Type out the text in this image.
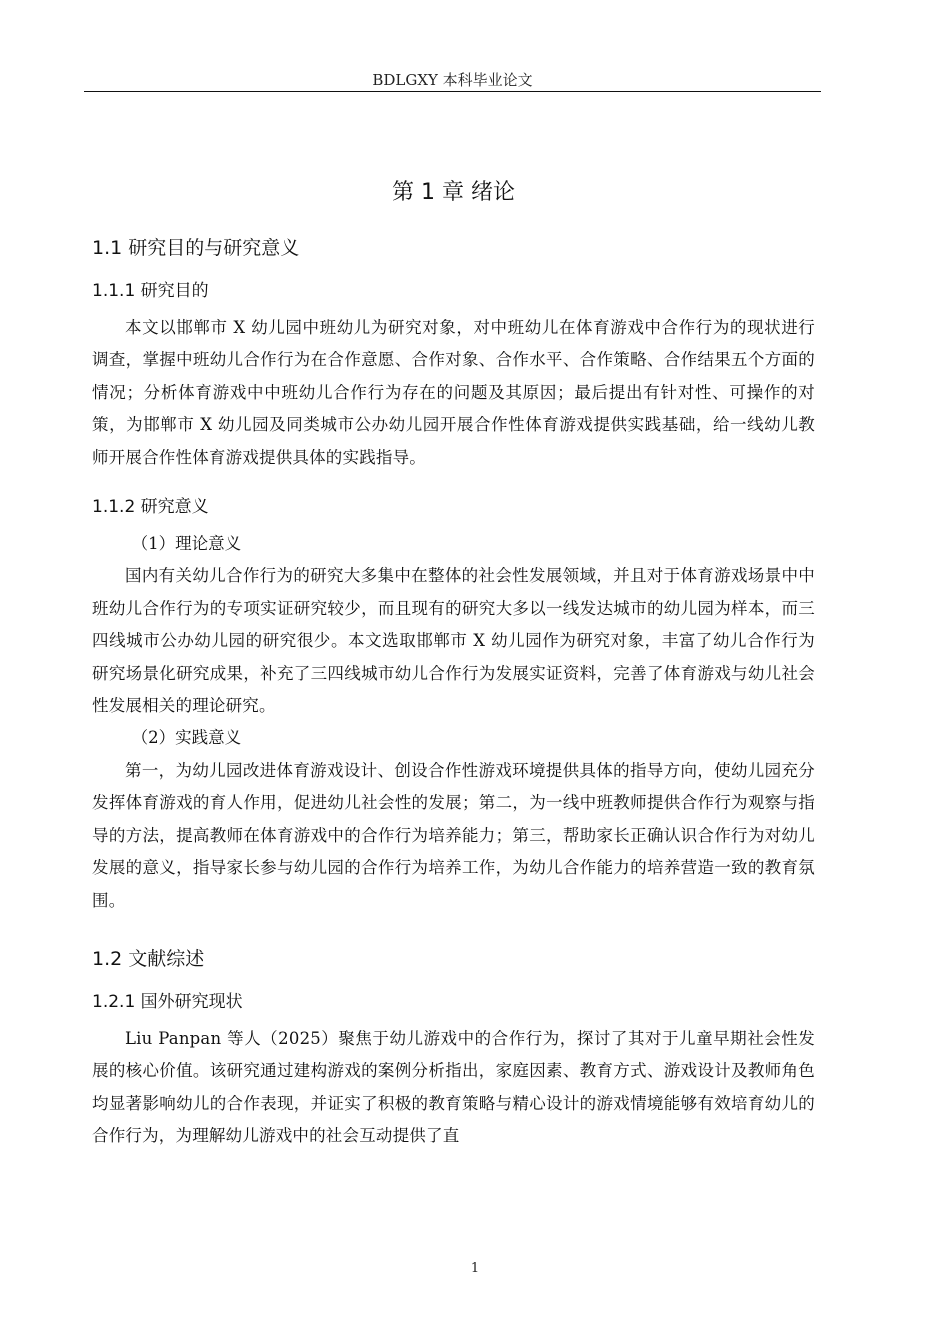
BDLGXY 本科毕业论文
第 1 章 绪论
1.1 研究目的与研究意义
1.1.1 研究目的

本文以邯郸市 X 幼儿园中班幼儿为研究对象，对中班幼儿在体育游戏中合作行为的现状进行调查，掌握中班幼儿合作行为在合作意愿、合作对象、合作水平、合作策略、合作结果五个方面的情况；分析体育游戏中中班幼儿合作行为存在的问题及其原因；最后提出有针对性、可操作的对策，为邯郸市 X 幼儿园及同类城市公办幼儿园开展合作性体育游戏提供实践基础，给一线幼儿教师开展合作性体育游戏提供具体的实践指导。

1.1.2 研究意义

（1）理论意义

国内有关幼儿合作行为的研究大多集中在整体的社会性发展领域，并且对于体育游戏场景中中班幼儿合作行为的专项实证研究较少，而且现有的研究大多以一线发达城市的幼儿园为样本，而三四线城市公办幼儿园的研究很少。本文选取邯郸市 X 幼儿园作为研究对象，丰富了幼儿合作行为研究场景化研究成果，补充了三四线城市幼儿合作行为发展实证资料，完善了体育游戏与幼儿社会性发展相关的理论研究。

（2）实践意义

第一，为幼儿园改进体育游戏设计、创设合作性游戏环境提供具体的指导方向，使幼儿园充分发挥体育游戏的育人作用，促进幼儿社会性的发展；第二，为一线中班教师提供合作行为观察与指导的方法，提高教师在体育游戏中的合作行为培养能力；第三，帮助家长正确认识合作行为对幼儿发展的意义，指导家长参与幼儿园的合作行为培养工作，为幼儿合作能力的培养营造一致的教育氛围。

1.2 文献综述
1.2.1 国外研究现状

Liu Panpan 等人（2025）聚焦于幼儿游戏中的合作行为，探讨了其对于儿童早期社会性发展的核心价值。该研究通过建构游戏的案例分析指出，家庭因素、教育方式、游戏设计及教师角色均显著影响幼儿的合作表现，并证实了积极的教育策略与精心设计的游戏情境能够有效培育幼儿的合作行为，为理解幼儿游戏中的社会互动提供了直

1
